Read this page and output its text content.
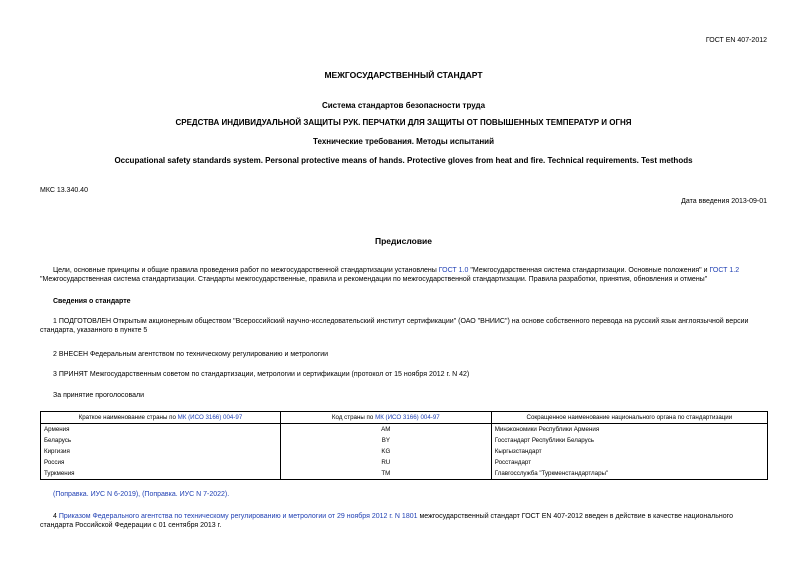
ГОСТ EN 407-2012
МЕЖГОСУДАРСТВЕННЫЙ СТАНДАРТ
Система стандартов безопасности труда
СРЕДСТВА ИНДИВИДУАЛЬНОЙ ЗАЩИТЫ РУК. ПЕРЧАТКИ ДЛЯ ЗАЩИТЫ ОТ ПОВЫШЕННЫХ ТЕМПЕРАТУР И ОГНЯ
Технические требования. Методы испытаний
Occupational safety standards system. Personal protective means of hands. Protective gloves from heat and fire. Technical requirements. Test methods
МКС 13.340.40
Дата введения 2013-09-01
Предисловие
Цели, основные принципы и общие правила проведения работ по межгосударственной стандартизации установлены ГОСТ 1.0 "Межгосударственная система стандартизации. Основные положения" и ГОСТ 1.2 "Межгосударственная система стандартизации. Стандарты межгосударственные, правила и рекомендации по межгосударственной стандартизации. Правила разработки, принятия, обновления и отмены"
Сведения о стандарте
1 ПОДГОТОВЛЕН Открытым акционерным обществом "Всероссийский научно-исследовательский институт сертификации" (ОАО "ВНИИС") на основе собственного перевода на русский язык англоязычной версии стандарта, указанного в пункте 5
2 ВНЕСЕН Федеральным агентством по техническому регулированию и метрологии
3 ПРИНЯТ Межгосударственным советом по стандартизации, метрологии и сертификации (протокол от 15 ноября 2012 г. N 42)
За принятие проголосовали
Краткое наименование страны по МК (ИСО 3166) 004-97	Код страны по МК (ИСО 3166) 004-97	Сокращенное наименование национального органа по стандартизации
Армения	AM	Минэкономики Республики Армения
Беларусь	BY	Госстандарт Республики Беларусь
Киргизия	KG	Кыргызстандарт
Россия	RU	Росстандарт
Туркмения	TM	Главгосслужба "Туркменстандартлары"
(Поправка. ИУС N 6-2019), (Поправка. ИУС N 7-2022).
4 Приказом Федерального агентства по техническому регулированию и метрологии от 29 ноября 2012 г. N 1801 межгосударственный стандарт ГОСТ EN 407-2012 введен в действие в качестве национального стандарта Российской Федерации с 01 сентября 2013 г.
